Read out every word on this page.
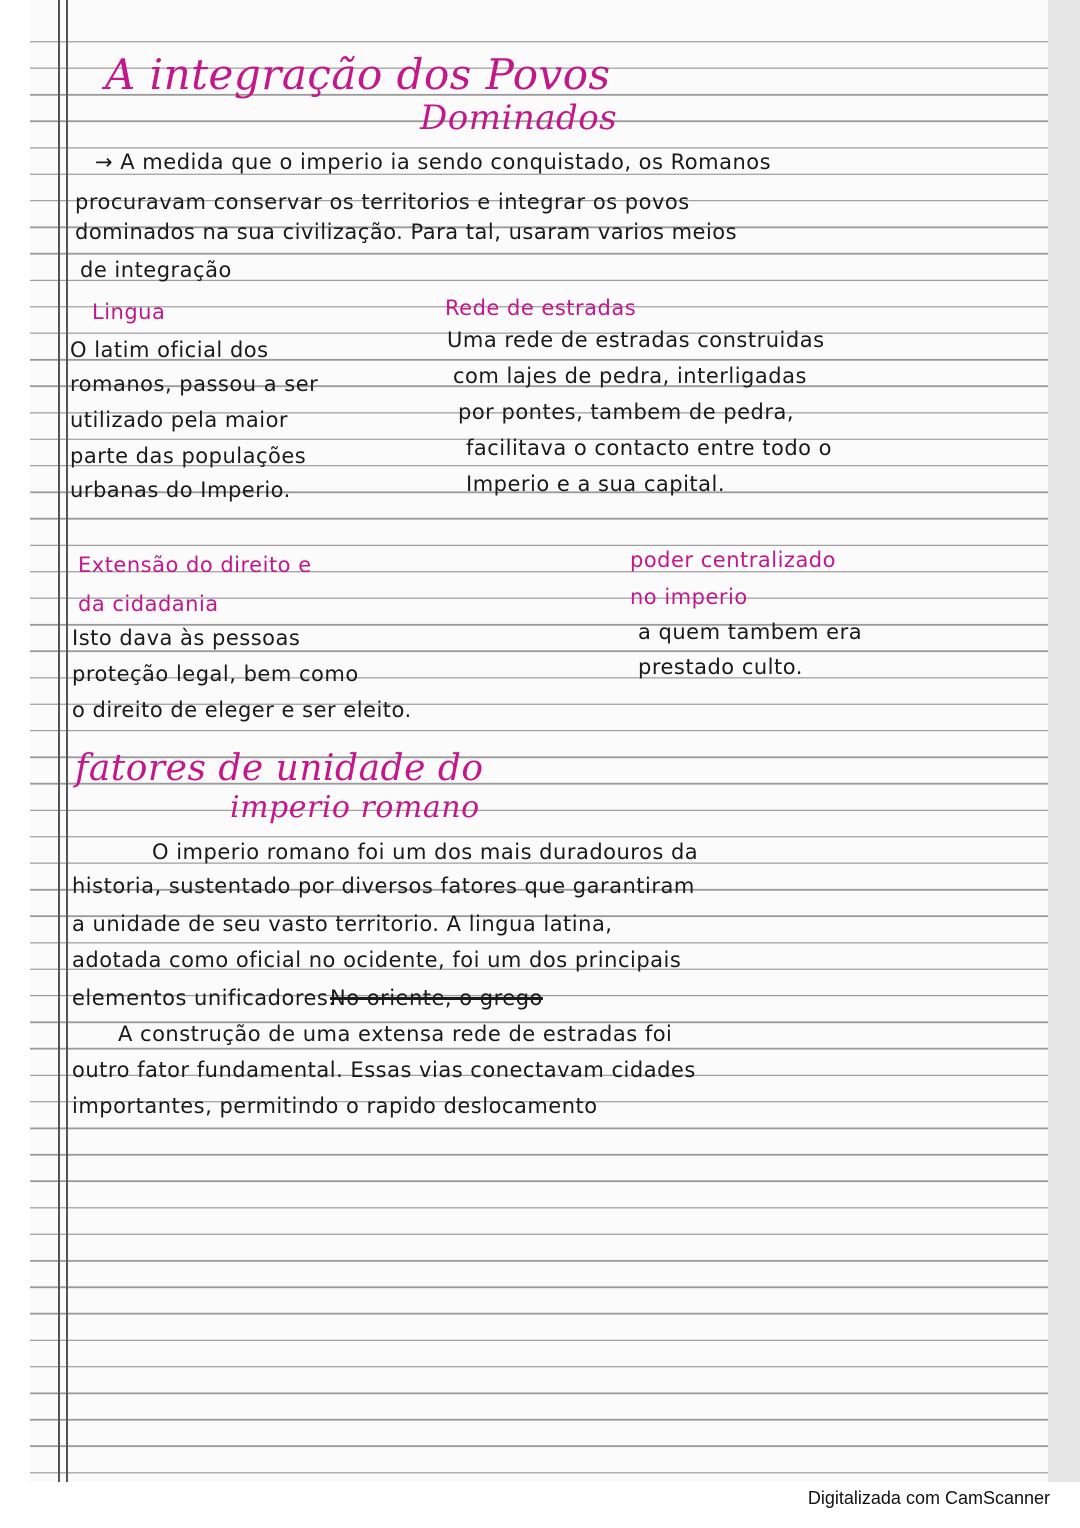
A integração dos Povos
Dominados
→ A medida que o imperio ia sendo conquistado, os Romanos
procuravam conservar os territorios e integrar os povos
dominados na sua civilização. Para tal, usaram varios meios
de integração
Lingua
O latim oficial dos
romanos, passou a ser
utilizado pela maior
parte das populações
urbanas do Imperio.
Rede de estradas
Uma rede de estradas construidas
com lajes de pedra, interligadas
por pontes, tambem de pedra,
facilitava o contacto entre todo o
Imperio e a sua capital.
Extensão do direito e
da cidadania
Isto dava às pessoas
proteção legal, bem como
o direito de eleger e ser eleito.
poder centralizado
no imperio
a quem tambem era
prestado culto.
fatores de unidade do
imperio romano
O imperio romano foi um dos mais duradouros da
historia, sustentado por diversos fatores que garantiram
a unidade de seu vasto territorio. A lingua latina,
adotada como oficial no ocidente, foi um dos principais
elementos unificadores.
No oriente, o grego
A construção de uma extensa rede de estradas foi
outro fator fundamental. Essas vias conectavam cidades
importantes, permitindo o rapido deslocamento
Digitalizada com CamScanner
